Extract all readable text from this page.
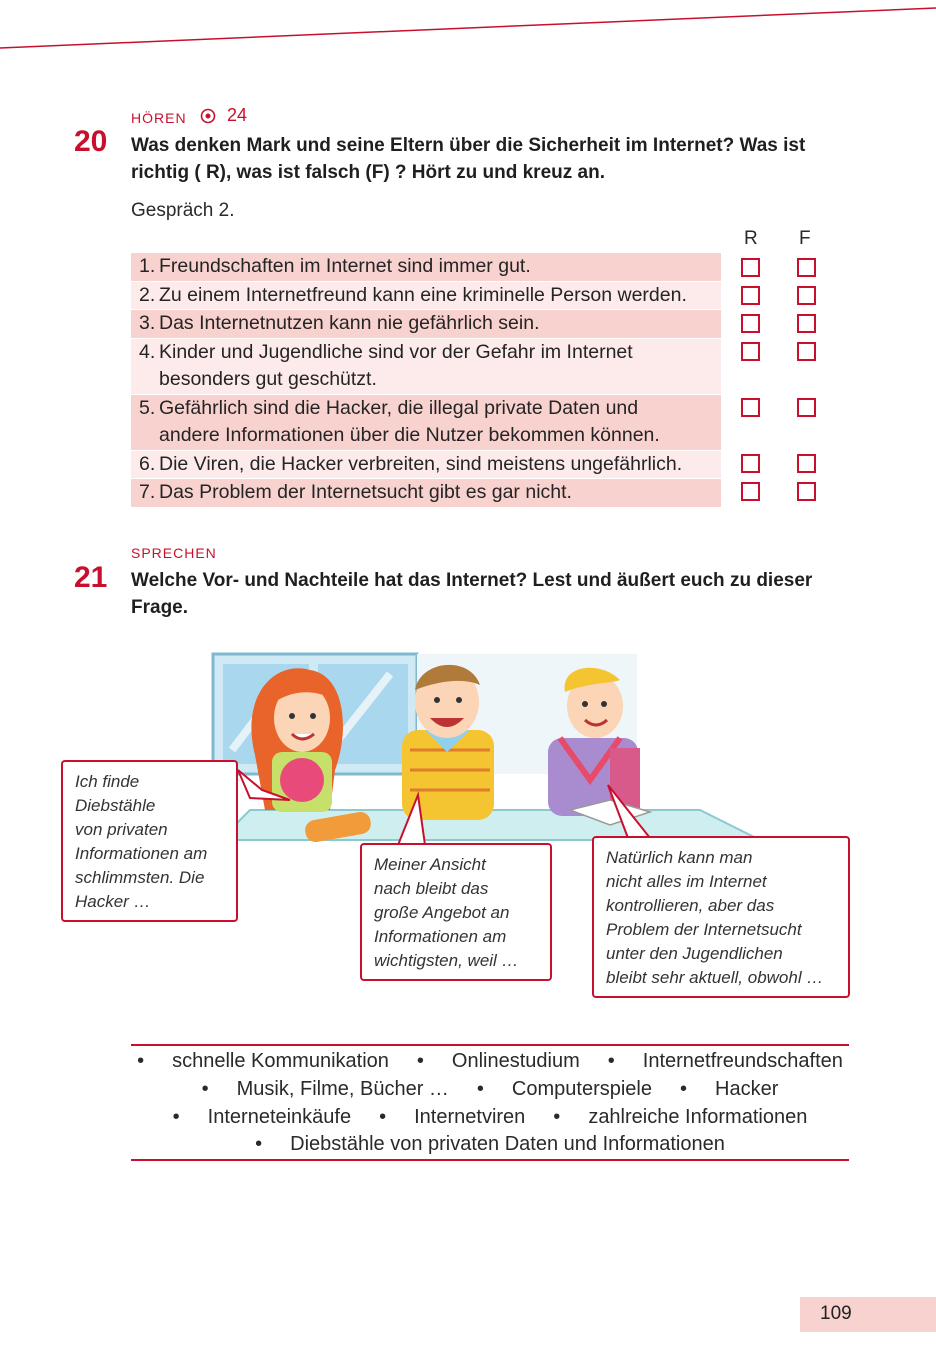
HÖREN 24
20 Was denken Mark und seine Eltern über die Sicherheit im Internet? Was ist
richtig ( R), was ist falsch (F) ? Hört zu und kreuz an.
Gespräch 2.
R F
1. Freundschaften im Internet sind immer gut.
2. Zu einem Internetfreund kann eine kriminelle Person werden.
3. Das Internetnutzen kann nie gefährlich sein.
4. Kinder und Jugendliche sind vor der Gefahr im Internet
besonders gut geschützt.
5. Gefährlich sind die Hacker, die illegal private Daten und
andere Informationen über die Nutzer bekommen können.
6. Die Viren, die Hacker verbreiten, sind meistens ungefährlich.
7. Das Problem der Internetsucht gibt es gar nicht.
SPRECHEN
21 Welche Vor- und Nachteile hat das Internet? Lest und äußert euch zu dieser
Frage.
Ich finde
Diebstähle
von privaten
Informationen am
schlimmsten. Die
Hacker …
Meiner Ansicht
nach bleibt das
große Angebot an
Informationen am
wichtigsten, weil …
Natürlich kann man
nicht alles im Internet
kontrollieren, aber das
Problem der Internetsucht
unter den Jugendlichen
bleibt sehr aktuell, obwohl …
• schnelle Kommunikation • Onlinestudium • Internetfreundschaften
• Musik, Filme, Bücher … • Computerspiele • Hacker
• Interneteinkäufe • Internetviren • zahlreiche Informationen
• Diebstähle von privaten Daten und Informationen
109
